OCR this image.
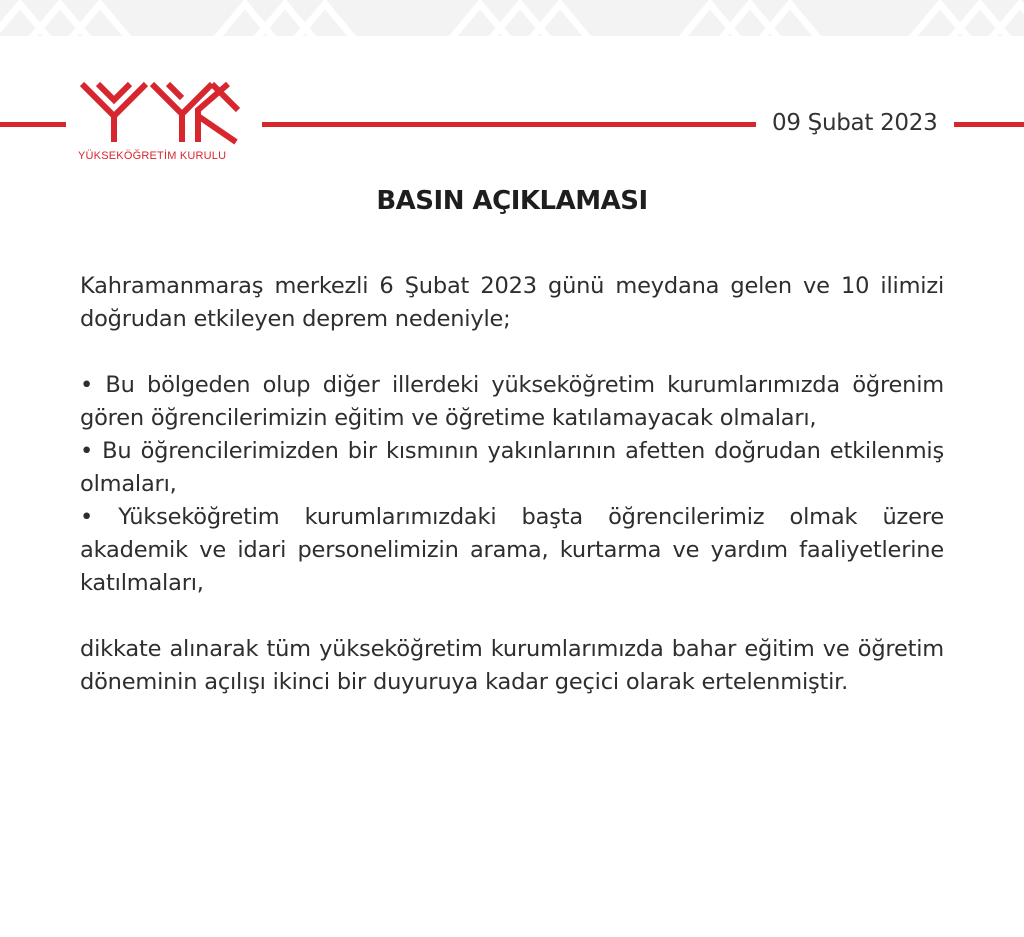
YÜKSEKÖĞRETİM KURULU
09 Şubat 2023
BASIN AÇIKLAMASI

Kahramanmaraş merkezli 6 Şubat 2023 günü meydana gelen ve 10 ilimizi doğrudan etkileyen deprem nedeniyle;

• Bu bölgeden olup diğer illerdeki yükseköğretim kurumlarımızda öğrenim gören öğrencilerimizin eğitim ve öğretime katılamayacak olmaları,

• Bu öğrencilerimizden bir kısmının yakınlarının afetten doğrudan etkilenmiş olmaları,

• Yükseköğretim kurumlarımızdaki başta öğrencilerimiz olmak üzere akademik ve idari personelimizin arama, kurtarma ve yardım faaliyetlerine katılmaları,

dikkate alınarak tüm yükseköğretim kurumlarımızda bahar eğitim ve öğretim döneminin açılışı ikinci bir duyuruya kadar geçici olarak ertelenmiştir.
